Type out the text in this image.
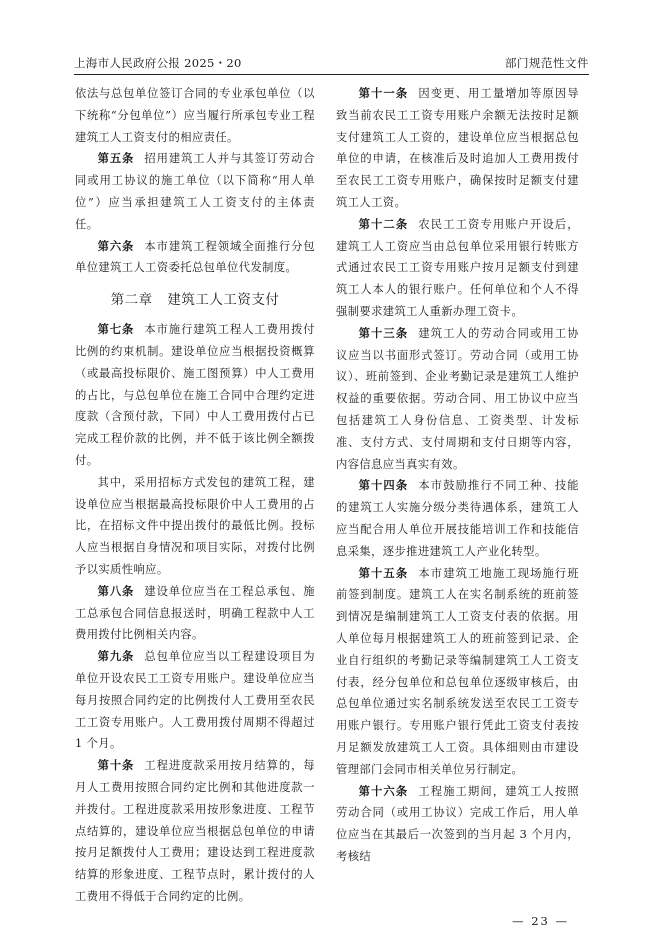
上海市人民政府公报 2025・20	部门规范性文件

依法与总包单位签订合同的专业承包单位（以下统称“分包单位”）应当履行所承包专业工程建筑工人工资支付的相应责任。

第五条 招用建筑工人并与其签订劳动合同或用工协议的施工单位（以下简称“用人单位”）应当承担建筑工人工资支付的主体责任。

第六条 本市建筑工程领域全面推行分包单位建筑工人工资委托总包单位代发制度。

第二章 建筑工人工资支付

第七条 本市施行建筑工程人工费用拨付比例的约束机制。建设单位应当根据投资概算（或最高投标限价、施工图预算）中人工费用的占比，与总包单位在施工合同中合理约定进度款（含预付款，下同）中人工费用拨付占已完成工程价款的比例，并不低于该比例全额拨付。

其中，采用招标方式发包的建筑工程，建设单位应当根据最高投标限价中人工费用的占比，在招标文件中提出拨付的最低比例。投标人应当根据自身情况和项目实际，对拨付比例予以实质性响应。

第八条 建设单位应当在工程总承包、施工总承包合同信息报送时，明确工程款中人工费用拨付比例相关内容。

第九条 总包单位应当以工程建设项目为单位开设农民工工资专用账户。建设单位应当每月按照合同约定的比例拨付人工费用至农民工工资专用账户。人工费用拨付周期不得超过 1 个月。

第十条 工程进度款采用按月结算的，每月人工费用按照合同约定比例和其他进度款一并拨付。工程进度款采用按形象进度、工程节点结算的，建设单位应当根据总包单位的申请按月足额拨付人工费用；建设达到工程进度款结算的形象进度、工程节点时，累计拨付的人工费用不得低于合同约定的比例。

第十一条 因变更、用工量增加等原因导致当前农民工工资专用账户余额无法按时足额支付建筑工人工资的，建设单位应当根据总包单位的申请，在核准后及时追加人工费用拨付至农民工工资专用账户，确保按时足额支付建筑工人工资。

第十二条 农民工工资专用账户开设后，建筑工人工资应当由总包单位采用银行转账方式通过农民工工资专用账户按月足额支付到建筑工人本人的银行账户。任何单位和个人不得强制要求建筑工人重新办理工资卡。

第十三条 建筑工人的劳动合同或用工协议应当以书面形式签订。劳动合同（或用工协议）、班前签到、企业考勤记录是建筑工人维护权益的重要依据。劳动合同、用工协议中应当包括建筑工人身份信息、工资类型、计发标准、支付方式、支付周期和支付日期等内容，内容信息应当真实有效。

第十四条 本市鼓励推行不同工种、技能的建筑工人实施分级分类待遇体系，建筑工人应当配合用人单位开展技能培训工作和技能信息采集，逐步推进建筑工人产业化转型。

第十五条 本市建筑工地施工现场施行班前签到制度。建筑工人在实名制系统的班前签到情况是编制建筑工人工资支付表的依据。用人单位每月根据建筑工人的班前签到记录、企业自行组织的考勤记录等编制建筑工人工资支付表，经分包单位和总包单位逐级审核后，由总包单位通过实名制系统发送至农民工工资专用账户银行。专用账户银行凭此工资支付表按月足额发放建筑工人工资。具体细则由市建设管理部门会同市相关单位另行制定。

第十六条 工程施工期间，建筑工人按照劳动合同（或用工协议）完成工作后，用人单位应当在其最后一次签到的当月起 3 个月内，考核结

— 23 —
